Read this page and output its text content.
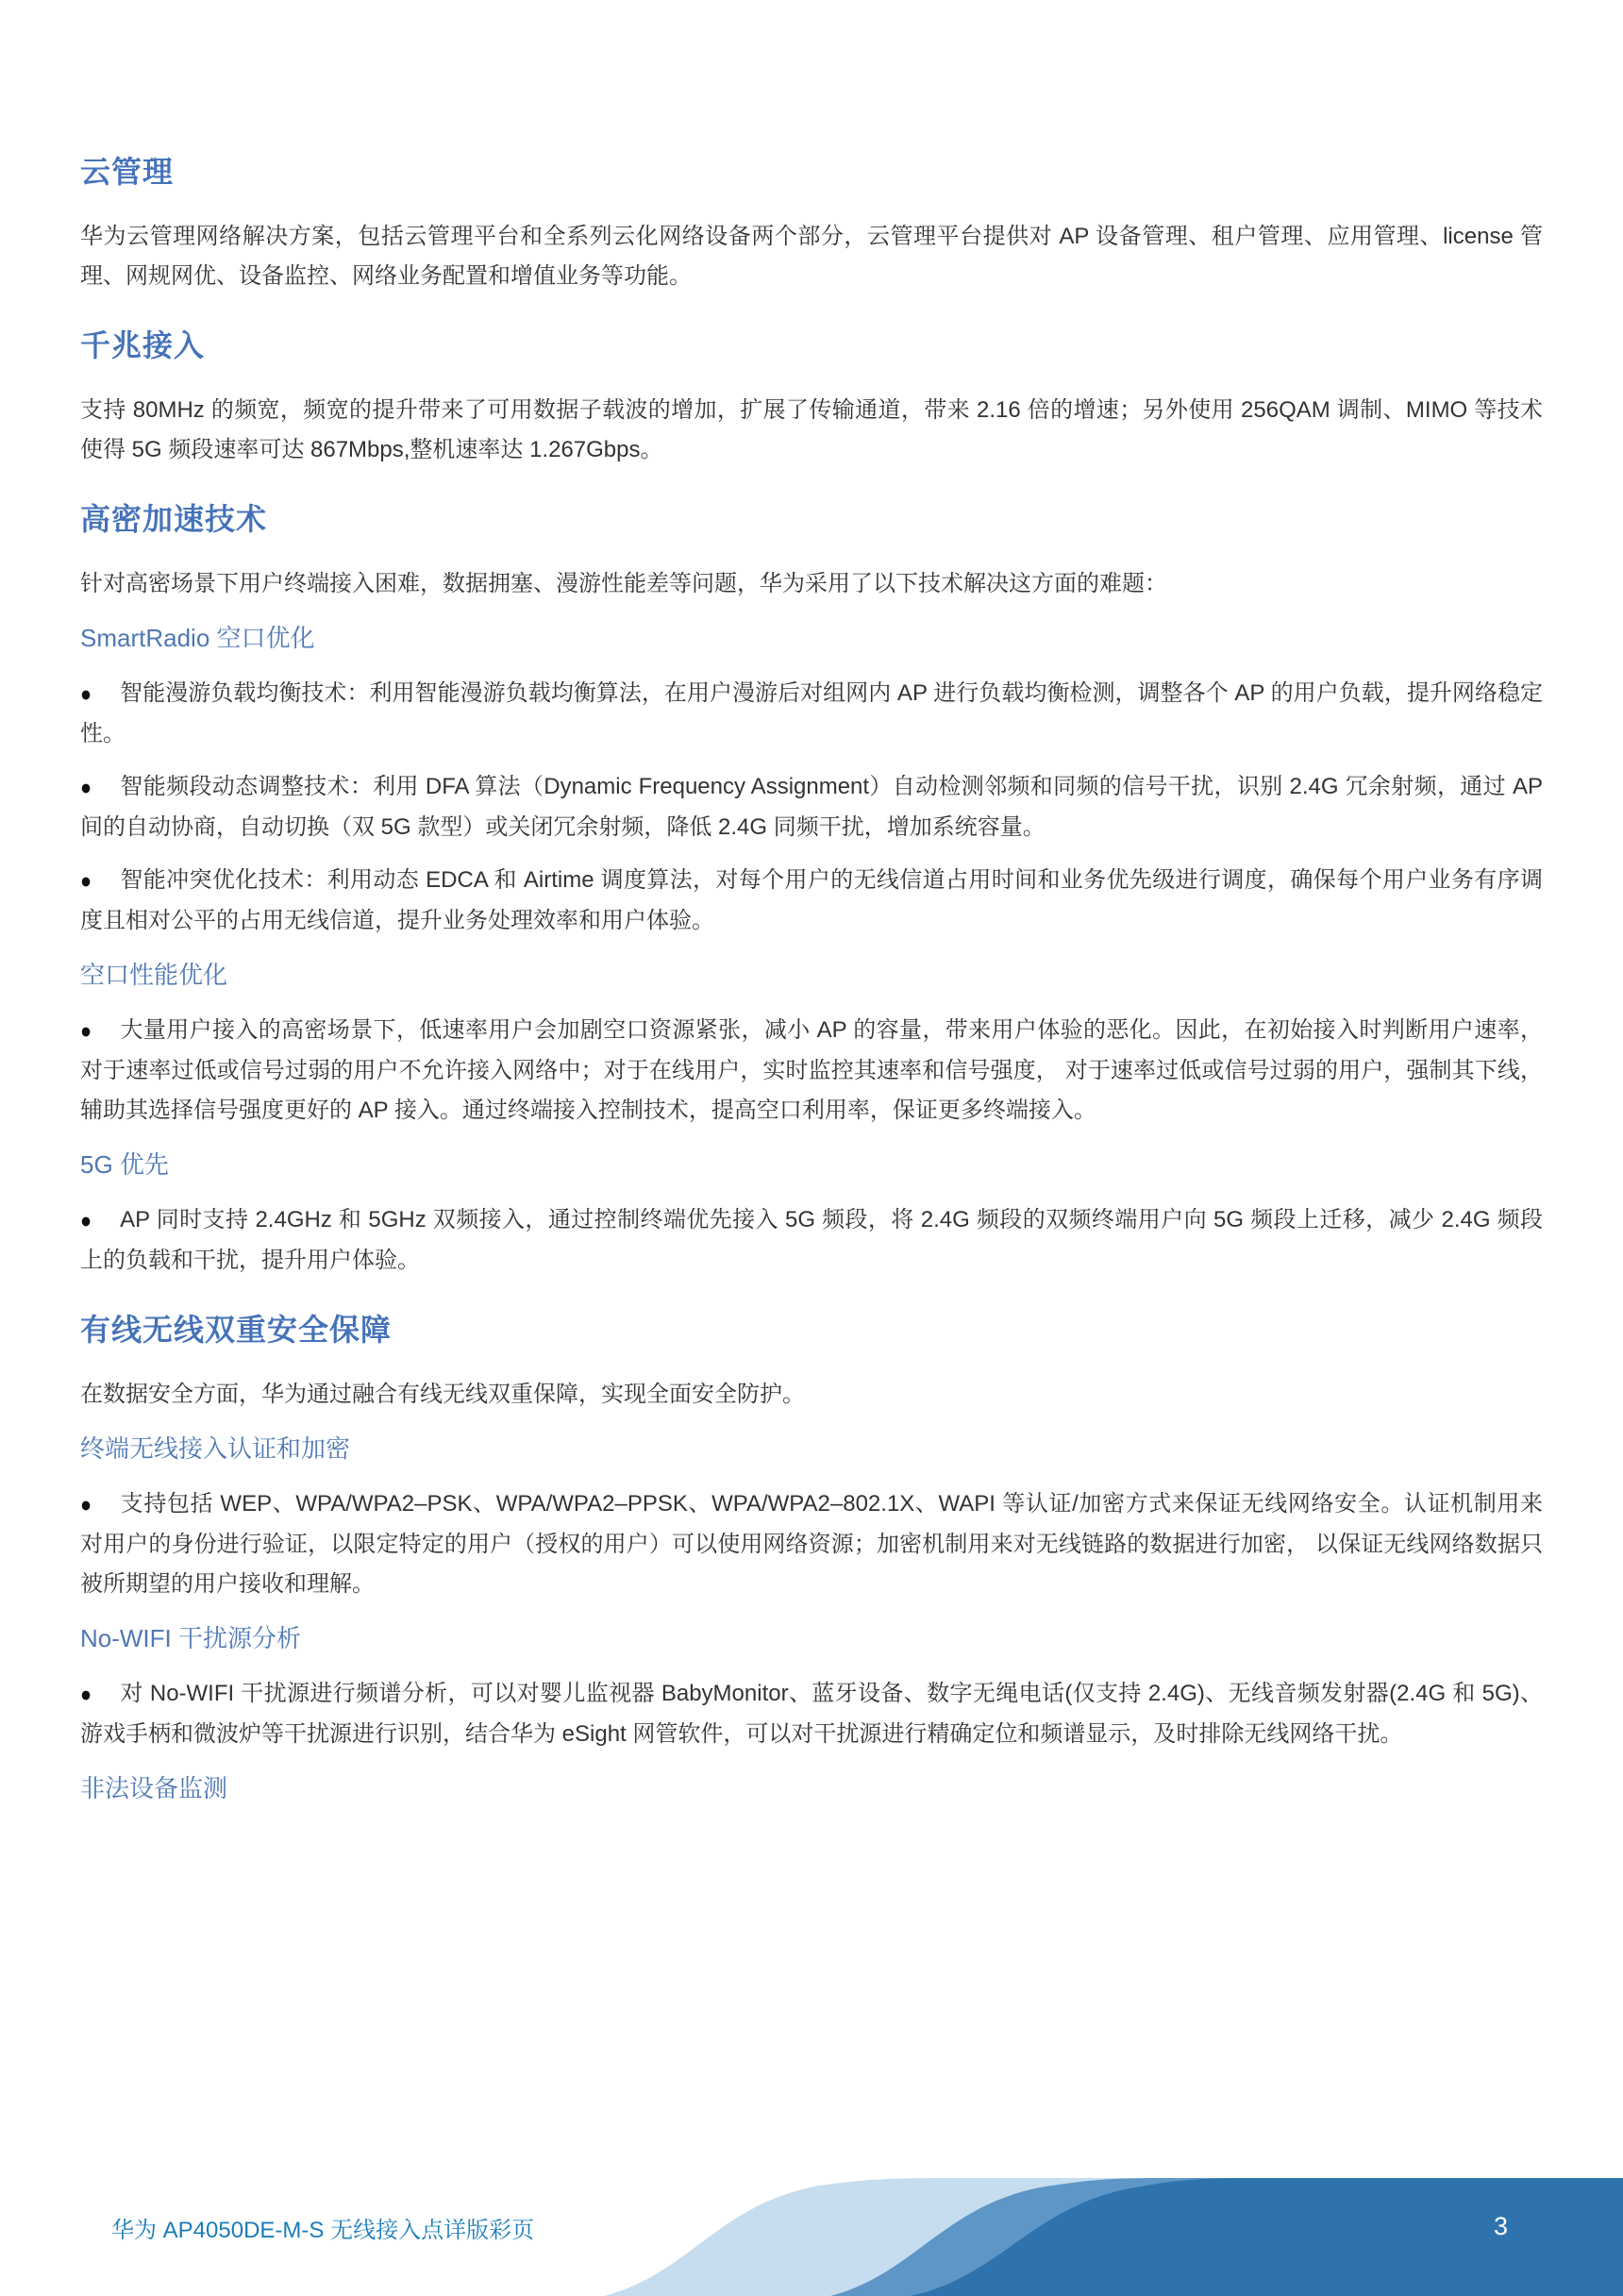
云管理

华为云管理网络解决方案，包括云管理平台和全系列云化网络设备两个部分，云管理平台提供对 AP 设备管理、租户管理、应用管理、license 管理、网规网优、设备监控、网络业务配置和增值业务等功能。

千兆接入

支持 80MHz 的频宽，频宽的提升带来了可用数据子载波的增加，扩展了传输通道，带来 2.16 倍的增速；另外使用 256QAM 调制、MIMO 等技术使得 5G 频段速率可达 867Mbps,整机速率达 1.267Gbps。

高密加速技术

针对高密场景下用户终端接入困难，数据拥塞、漫游性能差等问题，华为采用了以下技术解决这方面的难题：

SmartRadio 空口优化

● 智能漫游负载均衡技术：利用智能漫游负载均衡算法，在用户漫游后对组网内 AP 进行负载均衡检测，调整各个 AP 的用户负载，提升网络稳定性。

● 智能频段动态调整技术：利用 DFA 算法（Dynamic Frequency Assignment）自动检测邻频和同频的信号干扰，识别 2.4G 冗余射频，通过 AP 间的自动协商，自动切换（双 5G 款型）或关闭冗余射频，降低 2.4G 同频干扰，增加系统容量。

● 智能冲突优化技术：利用动态 EDCA 和 Airtime 调度算法，对每个用户的无线信道占用时间和业务优先级进行调度，确保每个用户业务有序调度且相对公平的占用无线信道，提升业务处理效率和用户体验。

空口性能优化

● 大量用户接入的高密场景下，低速率用户会加剧空口资源紧张，减小 AP 的容量，带来用户体验的恶化。因此，在初始接入时判断用户速率，对于速率过低或信号过弱的用户不允许接入网络中；对于在线用户，实时监控其速率和信号强度， 对于速率过低或信号过弱的用户，强制其下线，辅助其选择信号强度更好的 AP 接入。通过终端接入控制技术，提高空口利用率，保证更多终端接入。

5G 优先

● AP 同时支持 2.4GHz 和 5GHz 双频接入，通过控制终端优先接入 5G 频段，将 2.4G 频段的双频终端用户向 5G 频段上迁移，减少 2.4G 频段上的负载和干扰，提升用户体验。

有线无线双重安全保障

在数据安全方面，华为通过融合有线无线双重保障，实现全面安全防护。

终端无线接入认证和加密

● 支持包括 WEP、WPA/WPA2–PSK、WPA/WPA2–PPSK、WPA/WPA2–802.1X、WAPI 等认证/加密方式来保证无线网络安全。认证机制用来对用户的身份进行验证，以限定特定的用户（授权的用户）可以使用网络资源；加密机制用来对无线链路的数据进行加密， 以保证无线网络数据只被所期望的用户接收和理解。

No-WIFI 干扰源分析

● 对 No-WIFI 干扰源进行频谱分析，可以对婴儿监视器 BabyMonitor、蓝牙设备、数字无绳电话(仅支持 2.4G)、无线音频发射器(2.4G 和 5G)、游戏手柄和微波炉等干扰源进行识别，结合华为 eSight 网管软件，可以对干扰源进行精确定位和频谱显示，及时排除无线网络干扰。

非法设备监测
华为 AP4050DE-M-S 无线接入点详版彩页	3
